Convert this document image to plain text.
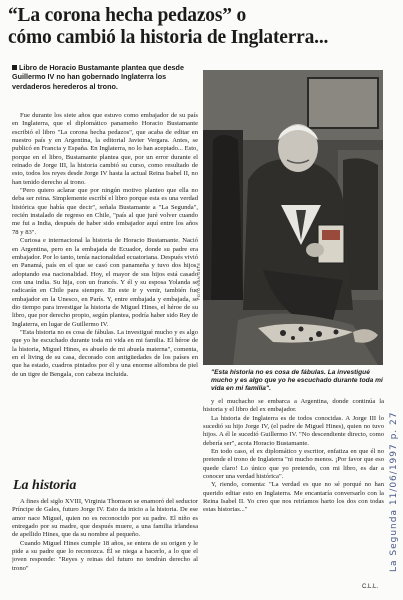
“La corona hecha pedazos” o
cómo cambió la historia de Inglaterra...
Libro de Horacio Bustamante plantea que desde Guillermo IV no han gobernado Inglaterra los verdaderos herederos al trono.

Fue durante los siete años que estuvo como embajador de su país en Inglaterra, que el diplomático panameño Horacio Bustamante escribió el libro "La corona hecha pedazos", que acaba de editar en nuestro país y en Argentina, la editorial Javier Vergara. Antes, se publicó en Francia y España. En Inglaterra, no lo han aceptado... Esto, porque en el libro, Bustamante plantea que, por un error durante el reinado de Jorge III, la historia cambió su curso, como resultado de esto, todos los reyes desde Jorge IV hasta la actual Reina Isabel II, no han tenido derecho al trono.

"Pero quiero aclarar que por ningún motivo planteo que ella no deba ser reina. Simplemente escribí el libro porque esta es una verdad histórica que había que decir", señala Bustamante a "La Segunda", recién instalado de regreso en Chile, "país al que juré volver cuando me fui a India, después de haber sido embajador aquí entre los años 78 y 83".

Curiosa e internacional la historia de Horacio Bustamante. Nació en Argentina, pero en la embajada de Ecuador, donde su padre era embajador. Por lo tanto, tenía nacionalidad ecuatoriana. Después vivió en Panamá, país en el que se casó con panameña y tuvo dos hijos, adoptando esa nacionalidad. Hoy, el mayor de sus hijos está casado con una india. Su hija, con un francés. Y él y su esposa Yolanda se radicarán en Chile para siempre. En este ir y venir, también fue embajador en la Unesco, en París. Y, entre embajada y embajada, se dio tiempo para investigar la historia de Miguel Hines, el héroe de su libro, que por derecho propio, según plantea, podría haber sido Rey de Inglaterra, en lugar de Guillermo IV.

"Esta historia no es cosa de fábulas. La investigué mucho y es algo que yo he escuchado durante toda mi vida en mi familia. El héroe de la historia, Miguel Hines, es abuelo de mi abuela materna", comenta, en el living de su casa, decorado con antigüedades de los países en que ha estado, cuadros pintados por él y una enorme alfombra de piel de un tigre de Bengala, con cabeza incluida.

La historia

A fines del siglo XVIII, Virginia Thomson se enamoró del seductor Príncipe de Gales, futuro Jorge IV. Esto da inicio a la historia. De ese amor nace Miguel, quien no es reconocido por su padre. El niño es entregado por su madre, que después muere, a una familia irlandesa de apellido Hines, que da su nombre al pequeño.

Cuando Miguel Hines cumple 18 años, se entera de su origen y le pide a su padre que lo reconozca. Él se niega a hacerlo, a lo que el joven responde: "Reyes y reinas del futuro no tendrán derecho al trono"

FOTO IVAN GETE
"Esta historia no es cosa de fábulas. La investigué mucho y es algo que yo he escuchado durante toda mi vida en mi familia".

y el muchacho se embarca a Argentina, donde continúa la historia y el libro del ex embajador.

La historia de Inglaterra es de todos conocidas. A Jorge III lo sucedió su hijo Jorge IV, (el padre de Miguel Hines), quien no tuvo hijos. A él le sucedió Guillermo IV. "No descendiente directo, como debería ser", acota Horacio Bustamante.

En todo caso, el ex diplomático y escritor, enfatiza en que él no pretende el trono de Inglaterra "ni mucho menos. ¡Por favor que eso quede claro! Lo único que yo pretendo, con mi libro, es dar a conocer una verdad histórica".

Y, riendo, comenta: "La verdad es que no sé porqué no han querido editar esto en Inglaterra. Me encantaría conversarlo con la Reina Isabel II. Yo creo que nos reiríamos harto los dos con todas estas historias..."

C.L.L.
La Segunda 11/06/1997 p. 27
